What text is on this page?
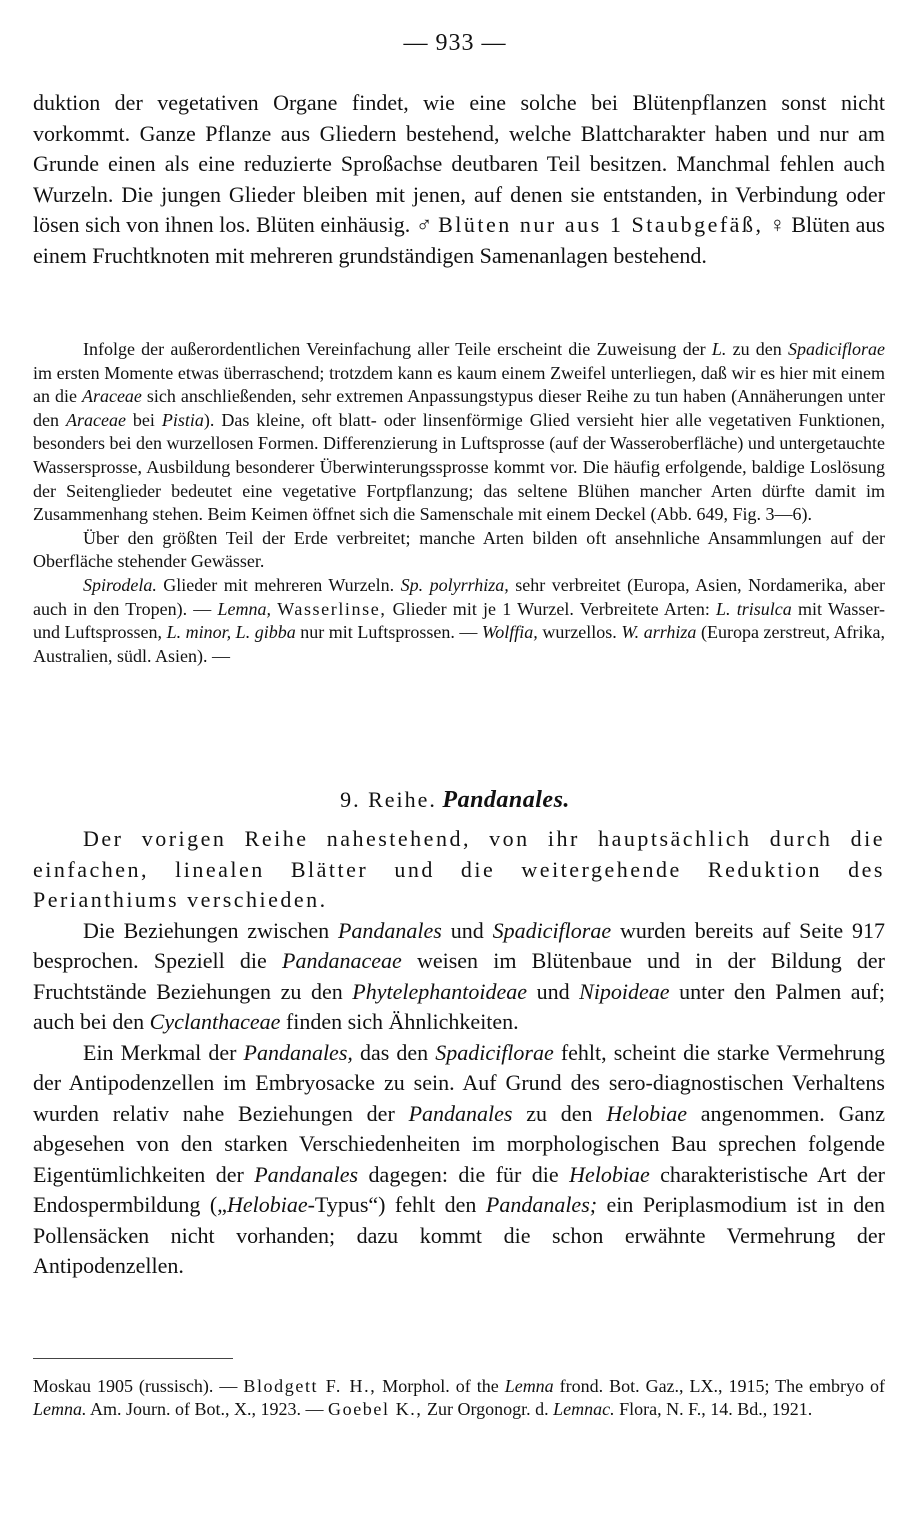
— 933 —

duktion der vegetativen Organe findet, wie eine solche bei Blütenpflanzen sonst nicht vorkommt. Ganze Pflanze aus Gliedern bestehend, welche Blattcharakter haben und nur am Grunde einen als eine reduzierte Sproßachse deutbaren Teil besitzen. Manchmal fehlen auch Wurzeln. Die jungen Glieder bleiben mit jenen, auf denen sie entstanden, in Verbindung oder lösen sich von ihnen los. Blüten einhäusig. ♂ Blüten nur aus 1 Staubgefäß, ♀ Blüten aus einem Fruchtknoten mit mehreren grundständigen Samenanlagen bestehend.

Infolge der außerordentlichen Vereinfachung aller Teile erscheint die Zuweisung der L. zu den Spadiciflorae im ersten Momente etwas überraschend; trotzdem kann es kaum einem Zweifel unterliegen, daß wir es hier mit einem an die Araceae sich anschließenden, sehr extremen Anpassungstypus dieser Reihe zu tun haben (Annäherungen unter den Araceae bei Pistia). Das kleine, oft blatt- oder linsenförmige Glied versieht hier alle vegetativen Funktionen, besonders bei den wurzellosen Formen. Differenzierung in Luftsprosse (auf der Wasseroberfläche) und untergetauchte Wassersprosse, Ausbildung besonderer Überwinterungssprosse kommt vor. Die häufig erfolgende, baldige Loslösung der Seitenglieder bedeutet eine vegetative Fortpflanzung; das seltene Blühen mancher Arten dürfte damit im Zusammenhang stehen. Beim Keimen öffnet sich die Samenschale mit einem Deckel (Abb. 649, Fig. 3—6).

Über den größten Teil der Erde verbreitet; manche Arten bilden oft ansehnliche Ansammlungen auf der Oberfläche stehender Gewässer.

Spirodela. Glieder mit mehreren Wurzeln. Sp. polyrrhiza, sehr verbreitet (Europa, Asien, Nordamerika, aber auch in den Tropen). — Lemna, Wasserlinse, Glieder mit je 1 Wurzel. Verbreitete Arten: L. trisulca mit Wasser- und Luftsprossen, L. minor, L. gibba nur mit Luftsprossen. — Wolffia, wurzellos. W. arrhiza (Europa zerstreut, Afrika, Australien, südl. Asien). —

9. Reihe. Pandanales.

Der vorigen Reihe nahestehend, von ihr hauptsächlich durch die einfachen, linealen Blätter und die weitergehende Reduktion des Perianthiums verschieden.

Die Beziehungen zwischen Pandanales und Spadiciflorae wurden bereits auf Seite 917 besprochen. Speziell die Pandanaceae weisen im Blütenbaue und in der Bildung der Fruchtstände Beziehungen zu den Phytelephantoideae und Nipoideae unter den Palmen auf; auch bei den Cyclanthaceae finden sich Ähnlichkeiten.

Ein Merkmal der Pandanales, das den Spadiciflorae fehlt, scheint die starke Vermehrung der Antipodenzellen im Embryosacke zu sein. Auf Grund des sero-diagnostischen Verhaltens wurden relativ nahe Beziehungen der Pandanales zu den Helobiae angenommen. Ganz abgesehen von den starken Verschiedenheiten im morphologischen Bau sprechen folgende Eigentümlichkeiten der Pandanales dagegen: die für die Helobiae charakteristische Art der Endospermbildung („Helobiae-Typus“) fehlt den Pandanales; ein Periplasmodium ist in den Pollensäcken nicht vorhanden; dazu kommt die schon erwähnte Vermehrung der Antipodenzellen.

Moskau 1905 (russisch). — Blodgett F. H., Morphol. of the Lemna frond. Bot. Gaz., LX., 1915; The embryo of Lemna. Am. Journ. of Bot., X., 1923. — Goebel K., Zur Orgonogr. d. Lemnac. Flora, N. F., 14. Bd., 1921.
